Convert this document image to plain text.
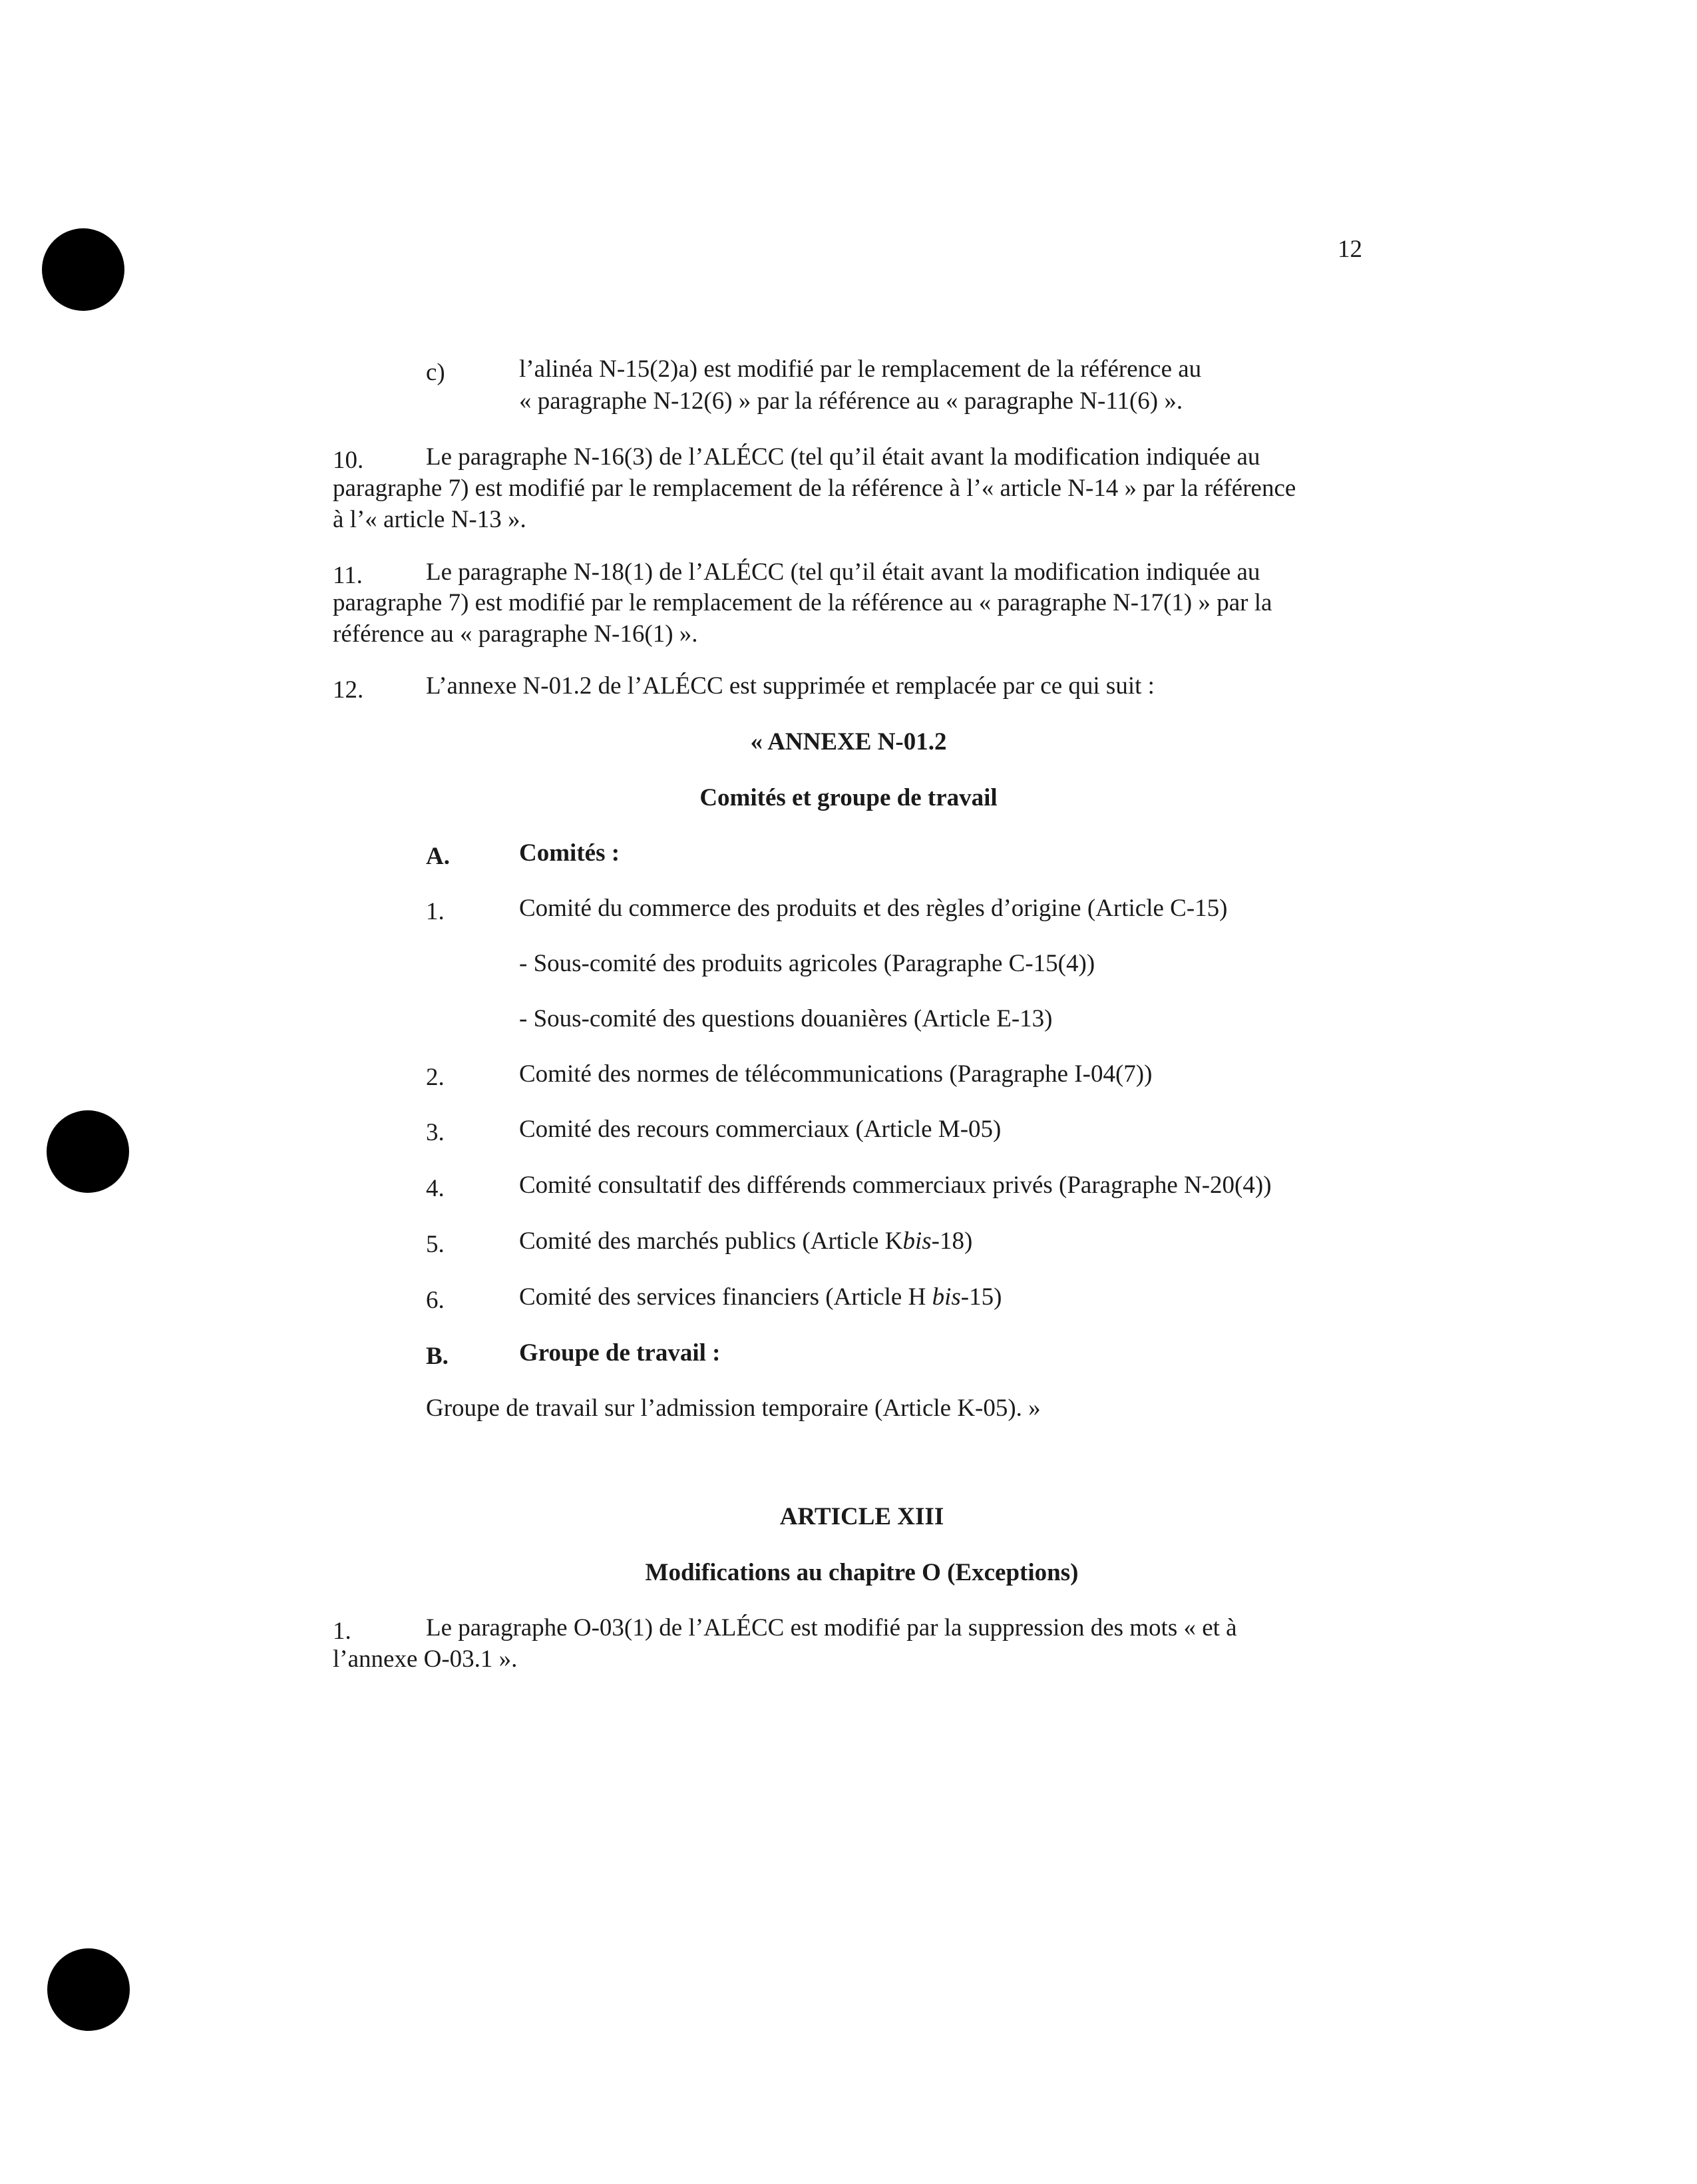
12
c)	l’alinéa N-15(2)a) est modifié par le remplacement de la référence au
« paragraphe N-12(6) » par la référence au « paragraphe N-11(6) ».
10.	Le paragraphe N-16(3) de l’ALÉCC (tel qu’il était avant la modification indiquée au
paragraphe 7) est modifié par le remplacement de la référence à l’« article N-14 » par la référence
à l’« article N-13 ».
11.	Le paragraphe N-18(1) de l’ALÉCC (tel qu’il était avant la modification indiquée au
paragraphe 7) est modifié par le remplacement de la référence au « paragraphe N-17(1) » par la
référence au « paragraphe N-16(1) ».
12.	L’annexe N-01.2 de l’ALÉCC est supprimée et remplacée par ce qui suit :
« ANNEXE N-01.2
Comités et groupe de travail
A.	Comités :
1.	Comité du commerce des produits et des règles d’origine (Article C-15)
- Sous-comité des produits agricoles (Paragraphe C-15(4))
- Sous-comité des questions douanières (Article E-13)
2.	Comité des normes de télécommunications (Paragraphe I-04(7))
3.	Comité des recours commerciaux (Article M-05)
4.	Comité consultatif des différends commerciaux privés (Paragraphe N-20(4))
5.	Comité des marchés publics (Article Kbis-18)
6.	Comité des services financiers (Article H bis-15)
B.	Groupe de travail :
Groupe de travail sur l’admission temporaire (Article K-05). »
ARTICLE XIII
Modifications au chapitre O (Exceptions)
1.	Le paragraphe O-03(1) de l’ALÉCC est modifié par la suppression des mots « et à
l’annexe O-03.1 ».
